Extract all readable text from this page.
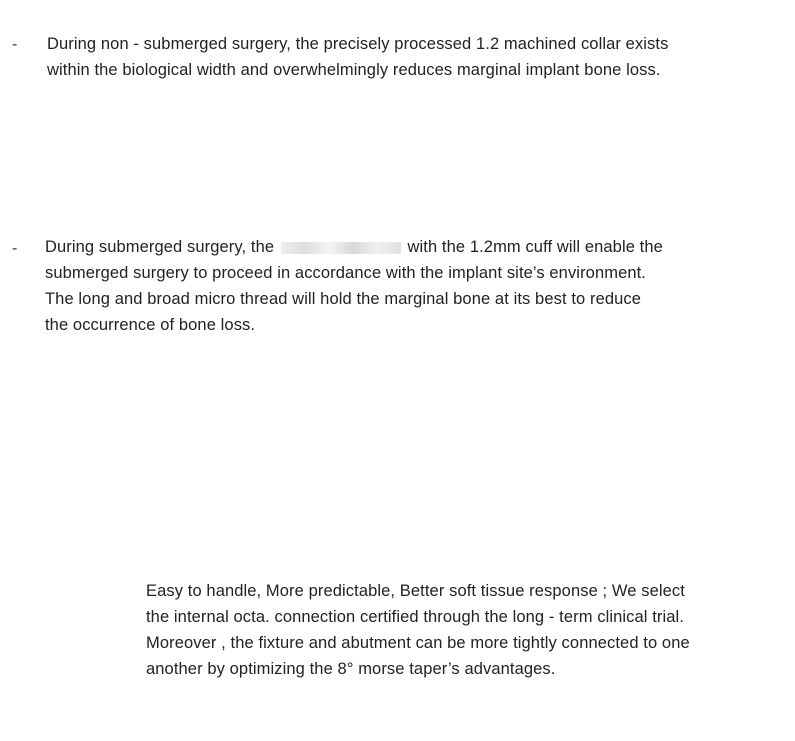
- During non - submerged surgery, the precisely processed 1.2 machined collar exists
within the biological width and overwhelmingly reduces marginal implant bone loss.
- During submerged surgery, the	with the 1.2mm cuff will enable the
submerged surgery to proceed in accordance with the implant site’s environment.
The long and broad micro thread will hold the marginal bone at its best to reduce
the occurrence of bone loss.
Easy to handle, More predictable, Better soft tissue response ; We select
the internal octa. connection certified through the long - term clinical trial.
Moreover , the fixture and abutment can be more tightly connected to one
another by optimizing the 8° morse taper’s advantages.
